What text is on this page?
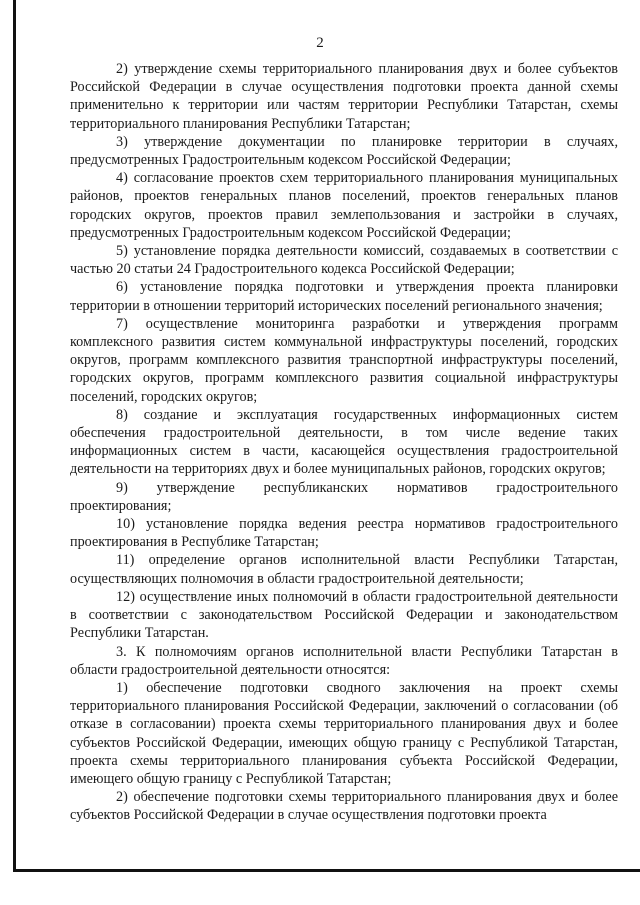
2

2) утверждение схемы территориального планирования двух и более субъектов Российской Федерации в случае осуществления подготовки проекта данной схемы применительно к территории или частям территории Республики Татарстан, схемы территориального планирования Республики Татарстан;

3) утверждение документации по планировке территории в случаях, предусмотренных Градостроительным кодексом Российской Федерации;

4) согласование проектов схем территориального планирования муниципальных районов, проектов генеральных планов поселений, проектов генеральных планов городских округов, проектов правил землепользования и застройки в случаях, предусмотренных Градостроительным кодексом Российской Федерации;

5) установление порядка деятельности комиссий, создаваемых в соответствии с частью 20 статьи 24 Градостроительного кодекса Российской Федерации;

6) установление порядка подготовки и утверждения проекта планировки территории в отношении территорий исторических поселений регионального значения;

7) осуществление мониторинга разработки и утверждения программ комплексного развития систем коммунальной инфраструктуры поселений, городских округов, программ комплексного развития транспортной инфраструктуры поселений, городских округов, программ комплексного развития социальной инфраструктуры поселений, городских округов;

8) создание и эксплуатация государственных информационных систем обеспечения градостроительной деятельности, в том числе ведение таких информационных систем в части, касающейся осуществления градостроительной деятельности на территориях двух и более муниципальных районов, городских округов;

9) утверждение республиканских нормативов градостроительного проектирования;

10) установление порядка ведения реестра нормативов градостроительного проектирования в Республике Татарстан;

11) определение органов исполнительной власти Республики Татарстан, осуществляющих полномочия в области градостроительной деятельности;

12) осуществление иных полномочий в области градостроительной деятельности в соответствии с законодательством Российской Федерации и законодательством Республики Татарстан.

3. К полномочиям органов исполнительной власти Республики Татарстан в области градостроительной деятельности относятся:

1) обеспечение подготовки сводного заключения на проект схемы территориального планирования Российской Федерации, заключений о согласовании (об отказе в согласовании) проекта схемы территориального планирования двух и более субъектов Российской Федерации, имеющих общую границу с Республикой Татарстан, проекта схемы территориального планирования субъекта Российской Федерации, имеющего общую границу с Республикой Татарстан;

2) обеспечение подготовки схемы территориального планирования двух и более субъектов Российской Федерации в случае осуществления подготовки проекта
